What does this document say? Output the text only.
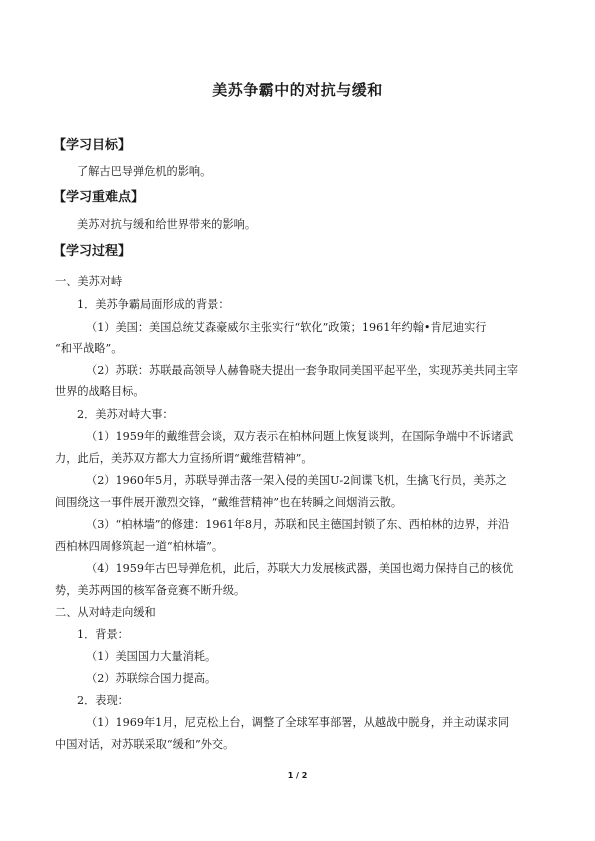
美苏争霸中的对抗与缓和
【学习目标】
了解古巴导弹危机的影响。
【学习重难点】
美苏对抗与缓和给世界带来的影响。
【学习过程】
一、美苏对峙
1．美苏争霸局面形成的背景：
（1）美国：美国总统艾森豪威尔主张实行“软化”政策；1961年约翰•肯尼迪实行
“和平战略”。
（2）苏联：苏联最高领导人赫鲁晓夫提出一套争取同美国平起平坐，实现苏美共同主宰
世界的战略目标。
2．美苏对峙大事：
（1）1959年的戴维营会谈，双方表示在柏林问题上恢复谈判，在国际争端中不诉诸武
力，此后，美苏双方都大力宣扬所谓“戴维营精神”。
（2）1960年5月，苏联导弹击落一架入侵的美国U-2间谍飞机，生擒飞行员，美苏之
间围绕这一事件展开激烈交锋，“戴维营精神”也在转瞬之间烟消云散。
（3）“柏林墙”的修建：1961年8月，苏联和民主德国封锁了东、西柏林的边界，并沿
西柏林四周修筑起一道“柏林墙”。
（4）1959年古巴导弹危机，此后，苏联大力发展核武器，美国也竭力保持自己的核优
势，美苏两国的核军备竞赛不断升级。
二、从对峙走向缓和
1．背景：
（1）美国国力大量消耗。
（2）苏联综合国力提高。
2．表现：
（1）1969年1月，尼克松上台，调整了全球军事部署，从越战中脱身，并主动谋求同
中国对话，对苏联采取“缓和”外交。
1 / 2
